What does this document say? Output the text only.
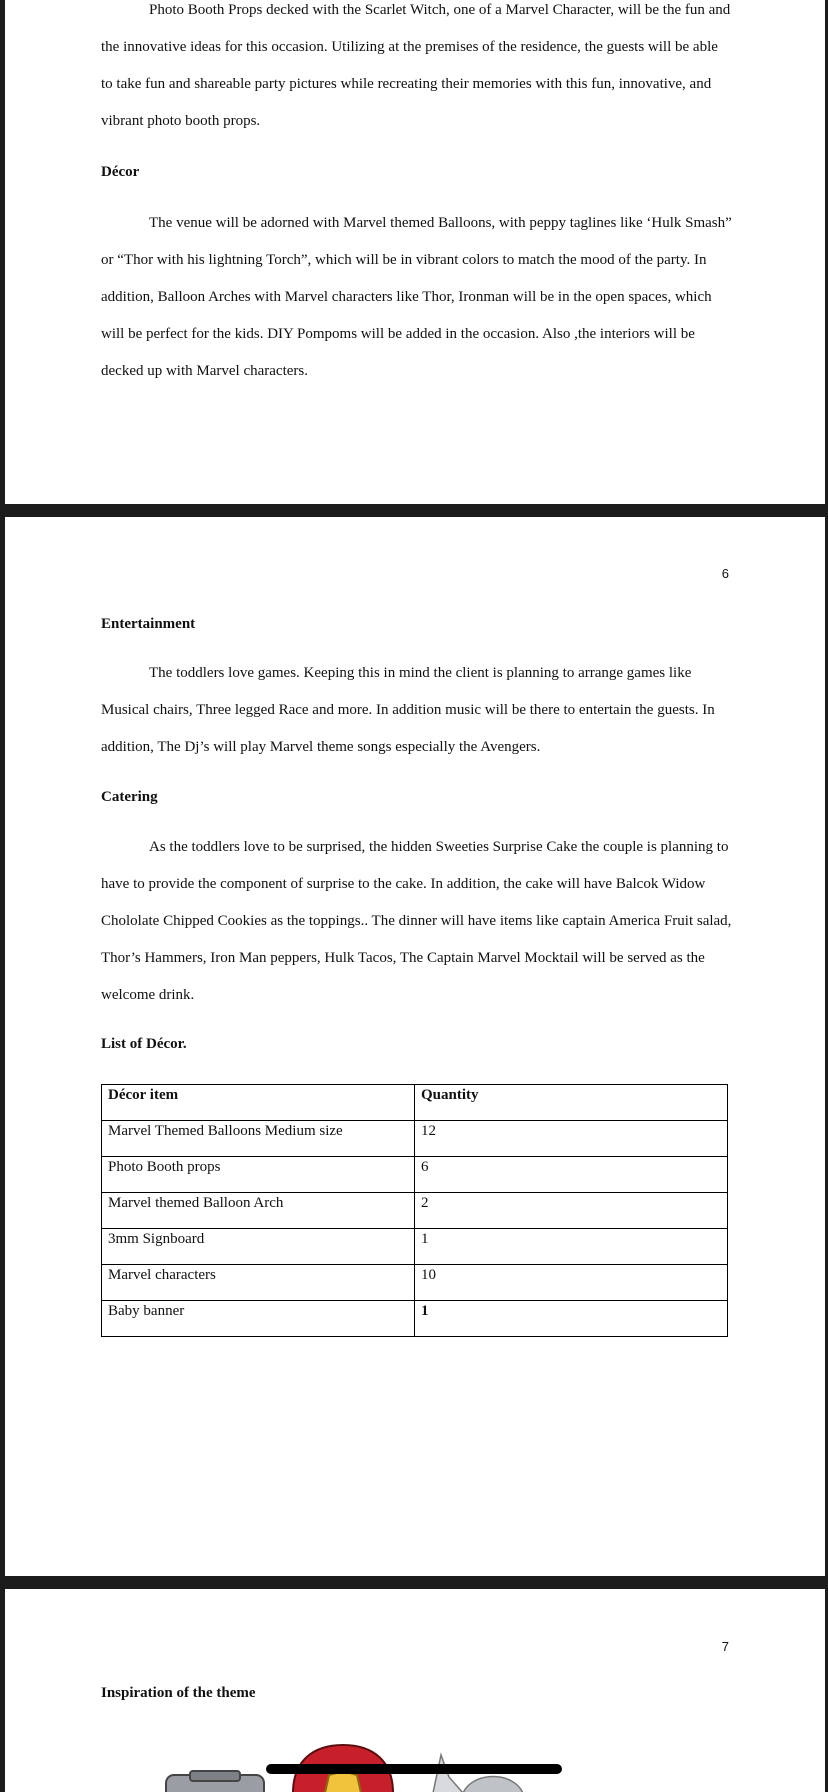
Photo Booth Props decked with the Scarlet Witch, one of a Marvel Character, will be the fun and the innovative ideas for this occasion. Utilizing at the premises of the residence, the guests will be able to take fun and shareable party pictures while recreating their memories with this fun, innovative, and vibrant photo booth props.

Décor

The venue will be adorned with Marvel themed Balloons, with peppy taglines like ‘Hulk Smash” or “Thor with his lightning Torch”, which will be in vibrant colors to match the mood of the party. In addition, Balloon Arches with Marvel characters like Thor, Ironman will be in the open spaces, which will be perfect for the kids. DIY Pompoms will be added in the occasion. Also ,the interiors will be decked up with Marvel characters.

6

Entertainment

The toddlers love games. Keeping this in mind the client is planning to arrange games like Musical chairs, Three legged Race and more. In addition music will be there to entertain the guests. In addition, The Dj’s will play Marvel theme songs especially the Avengers.

Catering

As the toddlers love to be surprised, the hidden Sweeties Surprise Cake the couple is planning to have to provide the component of surprise to the cake. In addition, the cake will have Balcok Widow Chololate Chipped Cookies as the toppings.. The dinner will have items like captain America Fruit salad, Thor’s Hammers, Iron Man peppers, Hulk Tacos, The Captain Marvel Mocktail will be served as the welcome drink.

List of Décor.

Décor item	Quantity
Marvel Themed Balloons Medium size	12
Photo Booth props	6
Marvel themed Balloon Arch	2
3mm Signboard	1
Marvel characters	10
Baby banner	1
7

Inspiration of the theme
